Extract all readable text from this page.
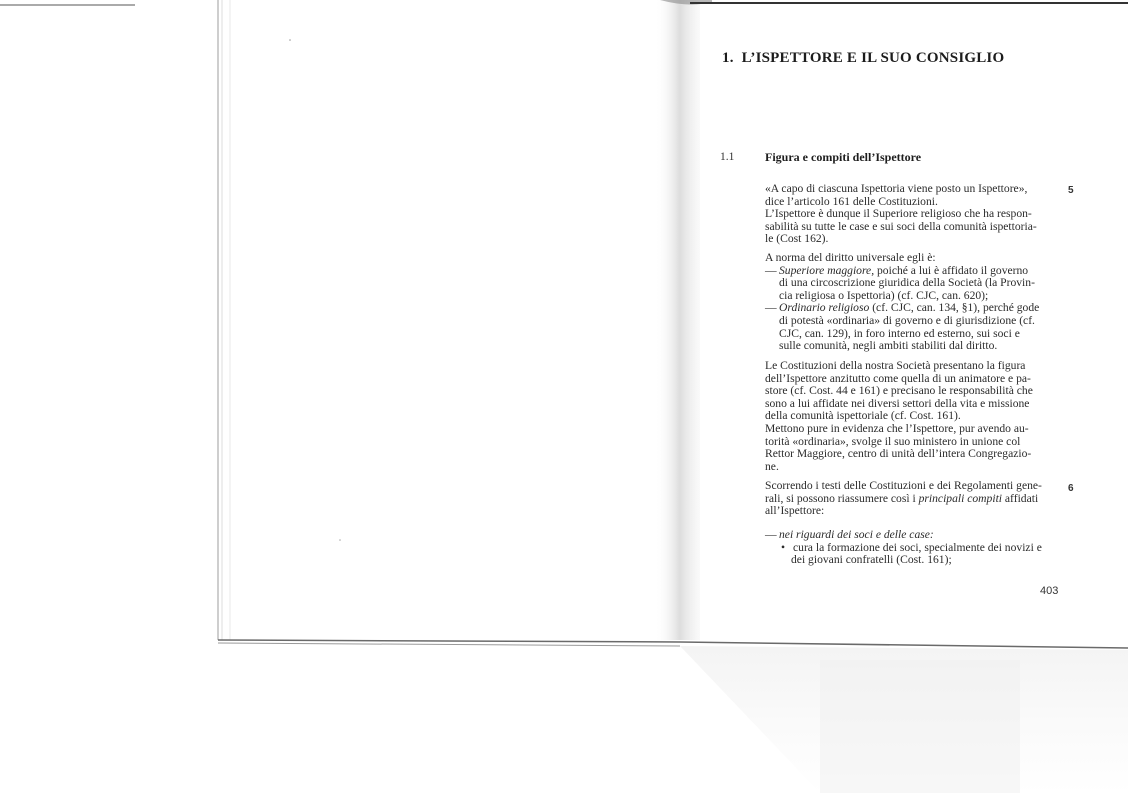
1. L’ISPETTORE E IL SUO CONSIGLIO
1.1	Figura e compiti dell’Ispettore
«A capo di ciascuna Ispettoria viene posto un Ispettore»,
dice l’articolo 161 delle Costituzioni.
L’Ispettore è dunque il Superiore religioso che ha respon-
sabilità su tutte le case e sui soci della comunità ispettoria-
le (Cost 162).
A norma del diritto universale egli è:
— Superiore maggiore, poiché a lui è affidato il governo
di una circoscrizione giuridica della Società (la Provin-
cia religiosa o Ispettoria) (cf. CJC, can. 620);
— Ordinario religioso (cf. CJC, can. 134, §1), perché gode
di potestà «ordinaria» di governo e di giurisdizione (cf.
CJC, can. 129), in foro interno ed esterno, sui soci e
sulle comunità, negli ambiti stabiliti dal diritto.
Le Costituzioni della nostra Società presentano la figura
dell’Ispettore anzitutto come quella di un animatore e pa-
store (cf. Cost. 44 e 161) e precisano le responsabilità che
sono a lui affidate nei diversi settori della vita e missione
della comunità ispettoriale (cf. Cost. 161).
Mettono pure in evidenza che l’Ispettore, pur avendo au-
torità «ordinaria», svolge il suo ministero in unione col
Rettor Maggiore, centro di unità dell’intera Congregazio-
ne.
Scorrendo i testi delle Costituzioni e dei Regolamenti gene-
rali, si possono riassumere così i principali compiti affidati
all’Ispettore:
— nei riguardi dei soci e delle case:
• cura la formazione dei soci, specialmente dei novizi e
dei giovani confratelli (Cost. 161);
5
6
403
